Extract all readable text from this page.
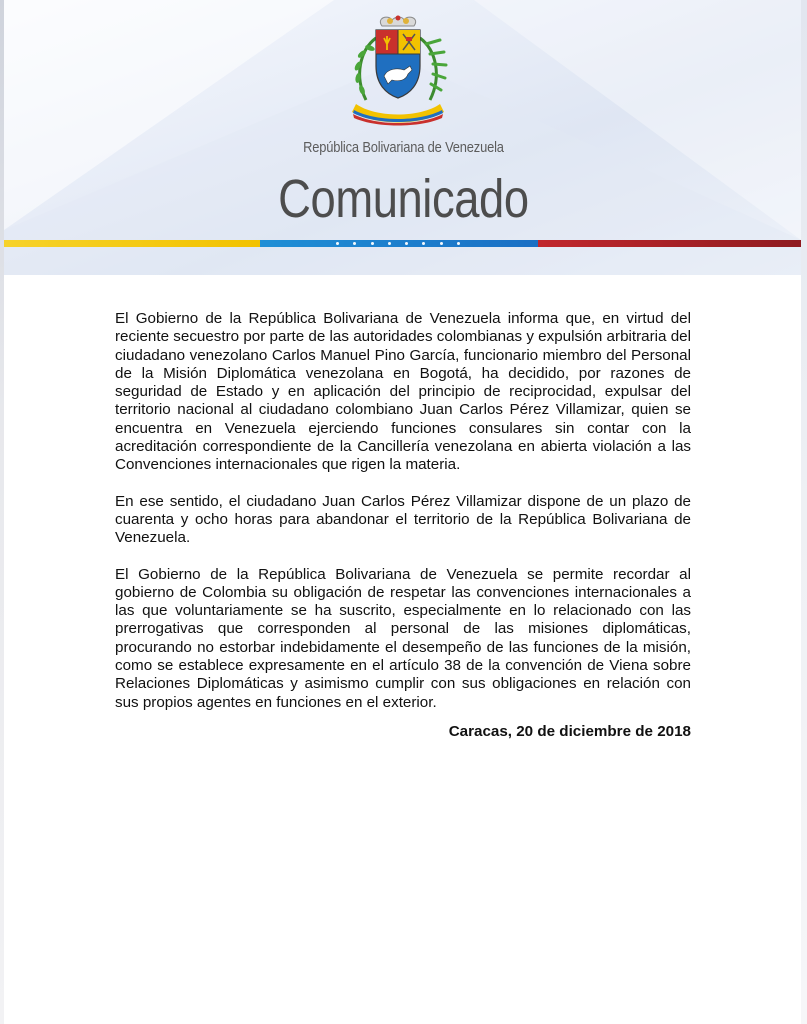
República Bolivariana de Venezuela
Comunicado

El Gobierno de la República Bolivariana de Venezuela informa que, en virtud del reciente secuestro por parte de las autoridades colombianas y expulsión arbitraria del ciudadano venezolano Carlos Manuel Pino García, funcionario miembro del Personal de la Misión Diplomática venezolana en Bogotá, ha decidido, por razones de seguridad de Estado y en aplicación del principio de reciprocidad, expulsar del territorio nacional al ciudadano colombiano Juan Carlos Pérez Villamizar, quien se encuentra en Venezuela ejerciendo funciones consulares sin contar con la acreditación correspondiente de la Cancillería venezolana en abierta violación a las Convenciones internacionales que rigen la materia.

En ese sentido, el ciudadano Juan Carlos Pérez Villamizar dispone de un plazo de cuarenta y ocho horas para abandonar el territorio de la República Bolivariana de Venezuela.

El Gobierno de la República Bolivariana de Venezuela se permite recordar al gobierno de Colombia su obligación de respetar las convenciones internacionales a las que voluntariamente se ha suscrito, especialmente en lo relacionado con las prerrogativas que corresponden al personal de las misiones diplomáticas, procurando no estorbar indebidamente el desempeño de las funciones de la misión, como se establece expresamente en el artículo 38 de la convención de Viena sobre Relaciones Diplomáticas y asimismo cumplir con sus obligaciones en relación con sus propios agentes en funciones en el exterior.

Caracas, 20 de diciembre de 2018
